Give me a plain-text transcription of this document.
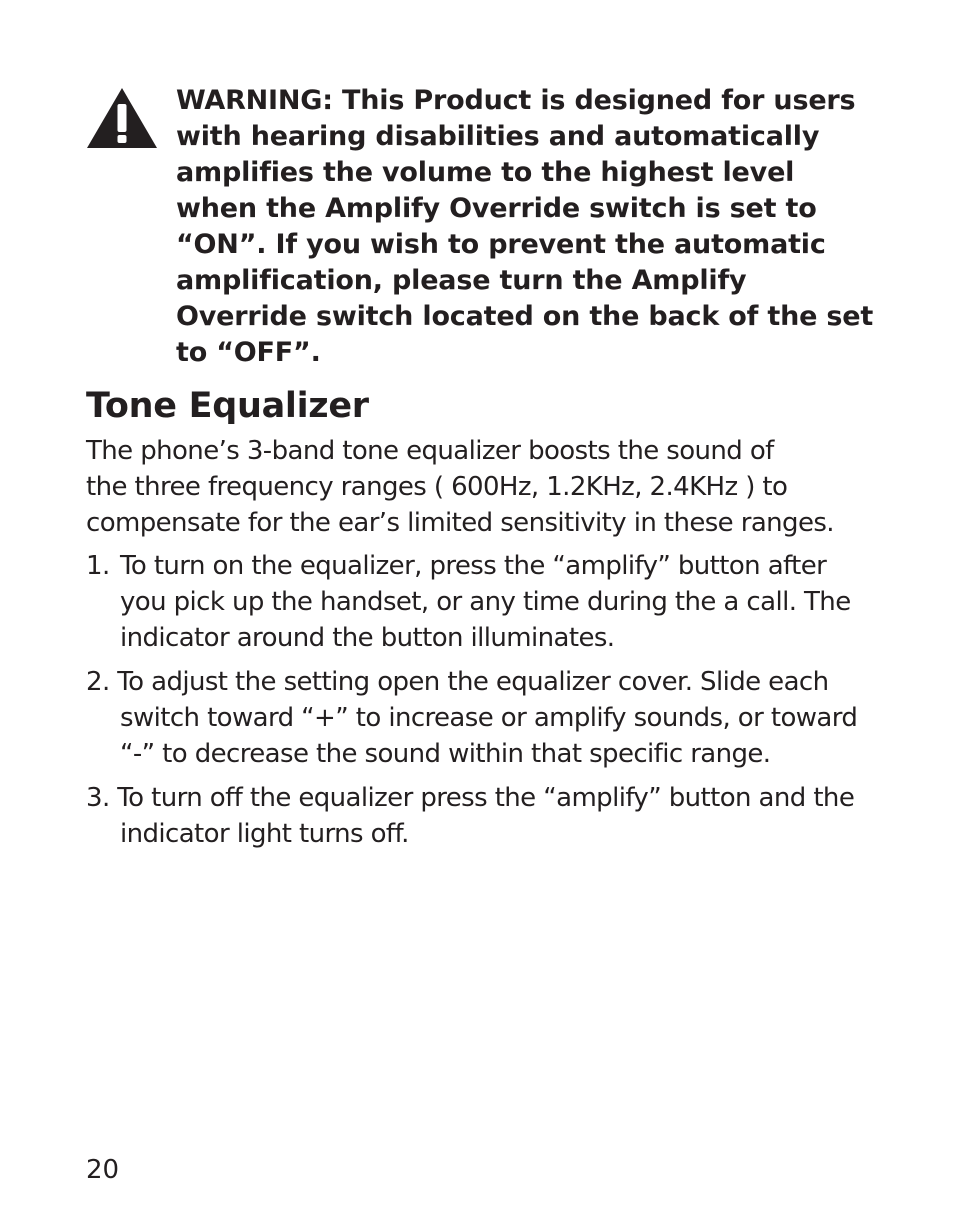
WARNING: This Product is designed for users
with hearing disabilities and automatically
amplifies the volume to the highest level
when the Amplify Override switch is set to
“ON”. If you wish to prevent the automatic
amplification, please turn the Amplify
Override switch located on the back of the set
to “OFF”.
Tone Equalizer

The phone’s 3-band tone equalizer boosts the sound of
the three frequency ranges ( 600Hz, 1.2KHz, 2.4KHz ) to
compensate for the ear’s limited sensitivity in these ranges.

1. To turn on the equalizer, press the “amplify” button after

you pick up the handset, or any time during the a call. The
indicator around the button illuminates.
2. To adjust the setting open the equalizer cover. Slide each
switch toward “+” to increase or amplify sounds, or toward
“-” to decrease the sound within that specific range.
3. To turn off the equalizer press the “amplify” button and the
indicator light turns off.
20
